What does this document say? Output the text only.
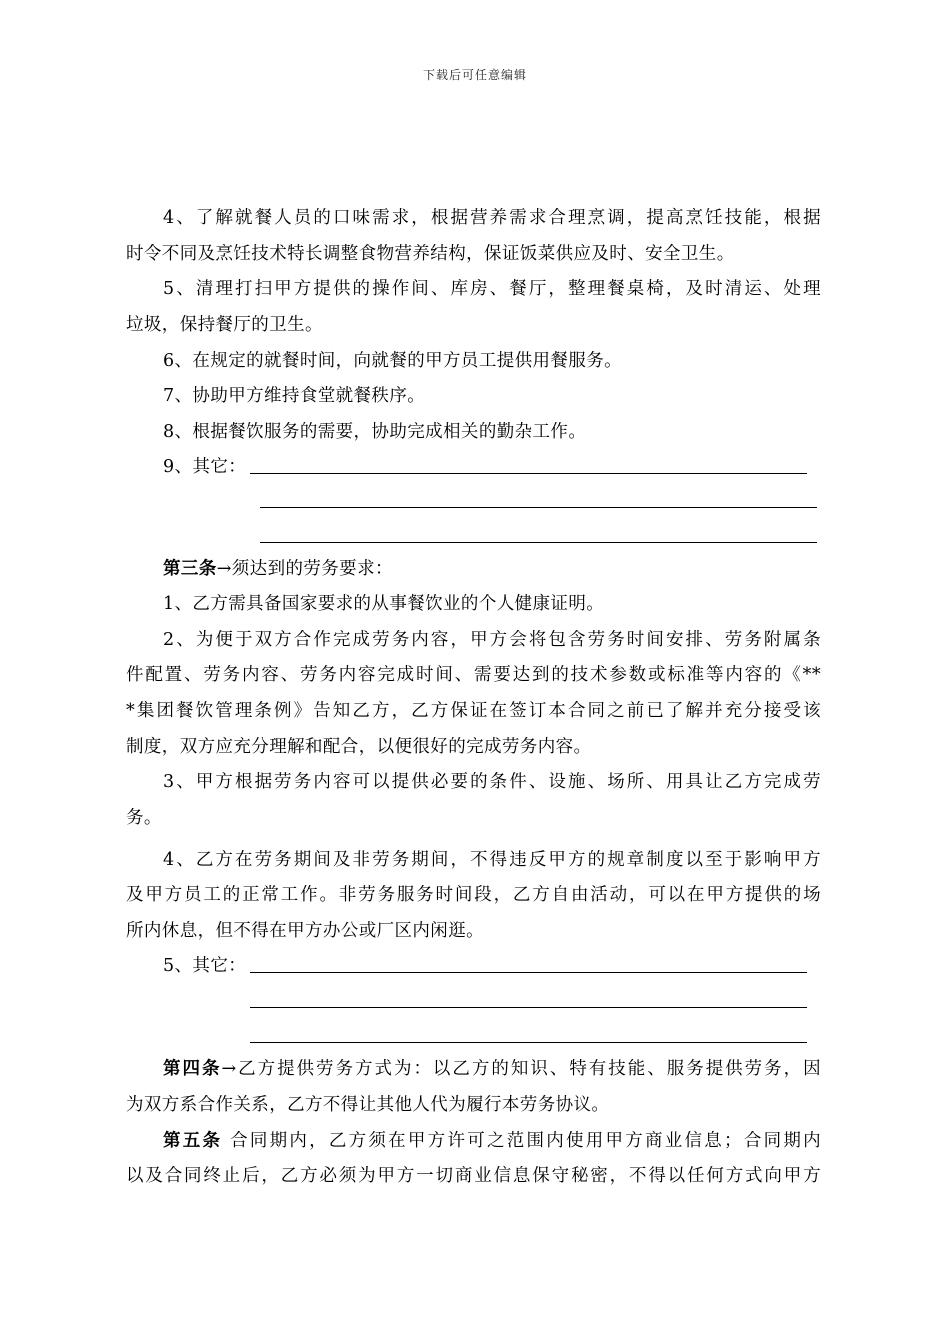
下载后可任意编辑
4、了解就餐人员的口味需求，根据营养需求合理烹调，提高烹饪技能，根据
时令不同及烹饪技术特长调整食物营养结构，保证饭菜供应及时、安全卫生。
5、清理打扫甲方提供的操作间、库房、餐厅，整理餐桌椅，及时清运、处理
垃圾，保持餐厅的卫生。
6、在规定的就餐时间，向就餐的甲方员工提供用餐服务。
7、协助甲方维持食堂就餐秩序。
8、根据餐饮服务的需要，协助完成相关的勤杂工作。
9、其它：
第三条→须达到的劳务要求：
1、乙方需具备国家要求的从事餐饮业的个人健康证明。
2、为便于双方合作完成劳务内容，甲方会将包含劳务时间安排、劳务附属条
件配置、劳务内容、劳务内容完成时间、需要达到的技术参数或标准等内容的《**
*集团餐饮管理条例》告知乙方，乙方保证在签订本合同之前已了解并充分接受该
制度，双方应充分理解和配合，以便很好的完成劳务内容。
3、甲方根据劳务内容可以提供必要的条件、设施、场所、用具让乙方完成劳
务。
4、乙方在劳务期间及非劳务期间，不得违反甲方的规章制度以至于影响甲方
及甲方员工的正常工作。非劳务服务时间段，乙方自由活动，可以在甲方提供的场
所内休息，但不得在甲方办公或厂区内闲逛。
5、其它：
第四条→乙方提供劳务方式为：以乙方的知识、特有技能、服务提供劳务，因
为双方系合作关系，乙方不得让其他人代为履行本劳务协议。
第五条 合同期内，乙方须在甲方许可之范围内使用甲方商业信息；合同期内
以及合同终止后，乙方必须为甲方一切商业信息保守秘密，不得以任何方式向甲方
